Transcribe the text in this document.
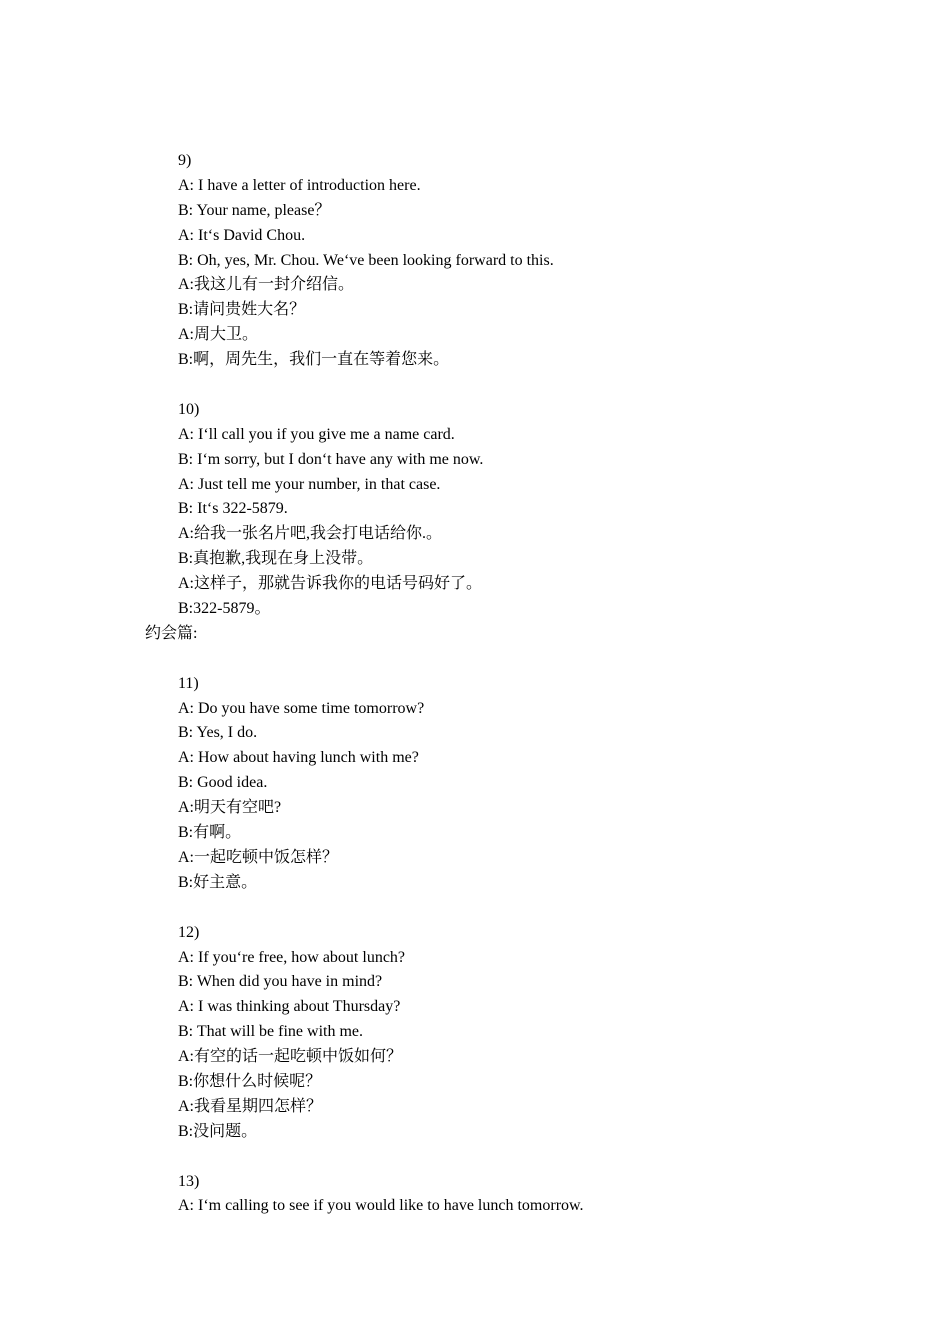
9)
A: I have a letter of introduction here.
B: Your name, please？
A: It‘s David Chou.
B: Oh, yes, Mr. Chou. We‘ve been looking forward to this.
A:我这儿有一封介绍信。
B:请问贵姓大名？
A:周大卫。
B:啊，周先生，我们一直在等着您来。
10)
A: I‘ll call you if you give me a name card.
B: I‘m sorry, but I don‘t have any with me now.
A: Just tell me your number, in that case.
B: It‘s 322-5879.
A:给我一张名片吧,我会打电话给你.。
B:真抱歉,我现在身上没带。
A:这样子，那就告诉我你的电话号码好了。
B:322-5879。
约会篇:
11)
A: Do you have some time tomorrow?
B: Yes, I do.
A: How about having lunch with me?
B: Good idea.
A:明天有空吧?
B:有啊。
A:一起吃顿中饭怎样？
B:好主意。
12)
A: If you‘re free, how about lunch?
B: When did you have in mind?
A: I was thinking about Thursday?
B: That will be fine with me.
A:有空的话一起吃顿中饭如何？
B:你想什么时候呢？
A:我看星期四怎样？
B:没问题。
13)
A: I‘m calling to see if you would like to have lunch tomorrow.
